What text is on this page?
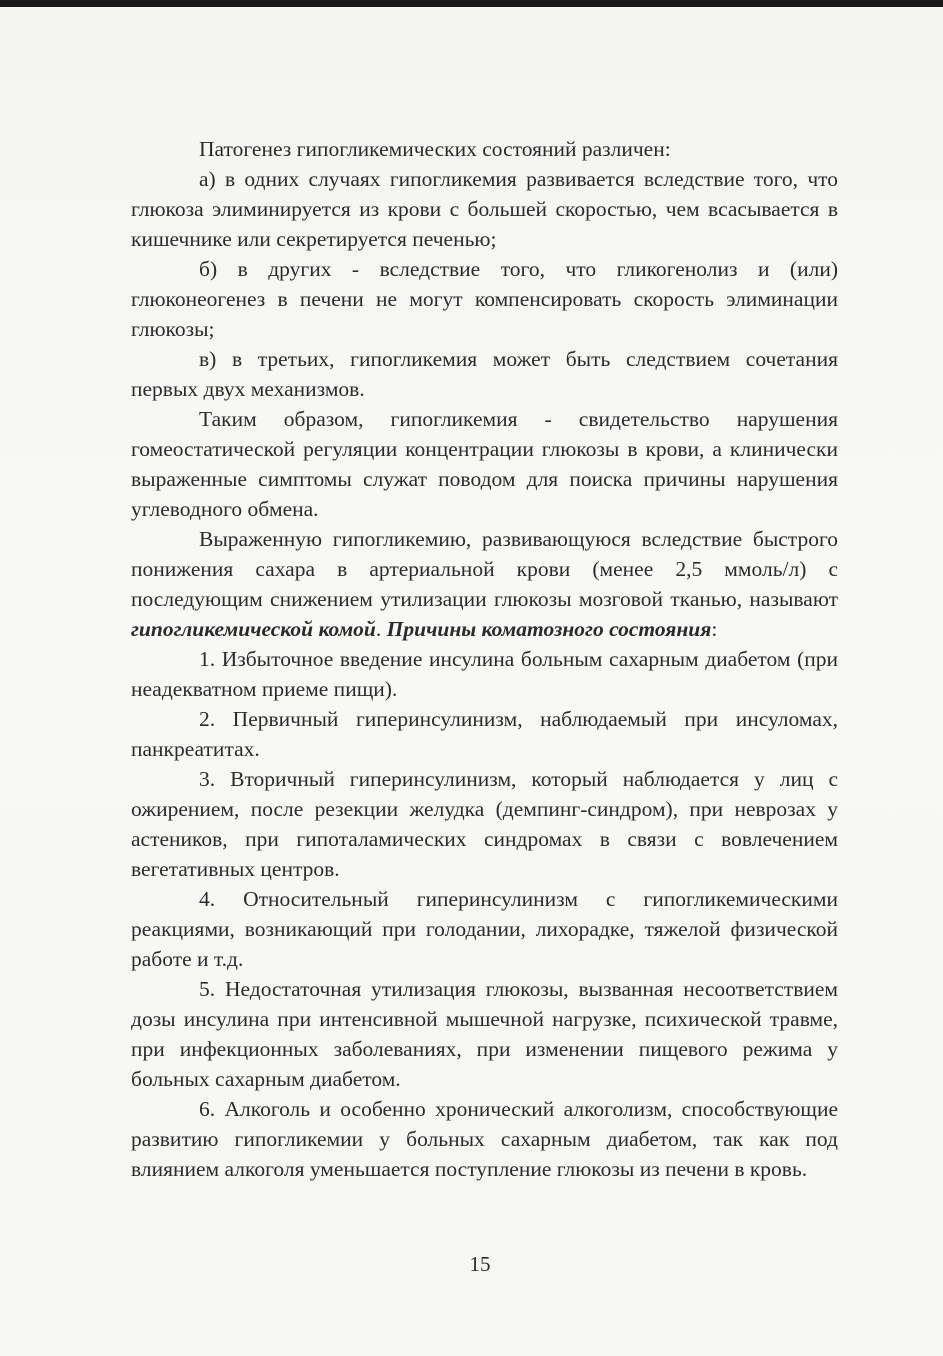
Патогенез гипогликемических состояний различен:

а) в одних случаях гипогликемия развивается вследствие того, что глюкоза элиминируется из крови с большей скоростью, чем всасывается в кишечнике или секретируется печенью;

б) в других - вследствие того, что гликогенолиз и (или) глюконеогенез в печени не могут компенсировать скорость элиминации глюкозы;

в) в третьих, гипогликемия может быть следствием сочетания первых двух механизмов.

Таким образом, гипогликемия - свидетельство нарушения гомеостатической регуляции концентрации глюкозы в крови, а клинически выраженные симптомы служат поводом для поиска причины нарушения углеводного обмена.

Выраженную гипогликемию, развивающуюся вследствие быстрого понижения сахара в артериальной крови (менее 2,5 ммоль/л) с последующим снижением утилизации глюкозы мозговой тканью, называют гипогликемической комой. Причины коматозного состояния:

1. Избыточное введение инсулина больным сахарным диабетом (при неадекватном приеме пищи).

2. Первичный гиперинсулинизм, наблюдаемый при инсуломах, панкреатитах.

3. Вторичный гиперинсулинизм, который наблюдается у лиц с ожирением, после резекции желудка (демпинг-синдром), при неврозах у астеников, при гипоталамических синдромах в связи с вовлечением вегетативных центров.

4. Относительный гиперинсулинизм с гипогликемическими реакциями, возникающий при голодании, лихорадке, тяжелой физической работе и т.д.

5. Недостаточная утилизация глюкозы, вызванная несоответствием дозы инсулина при интенсивной мышечной нагрузке, психической травме, при инфекционных заболеваниях, при изменении пищевого режима у больных сахарным диабетом.

6. Алкоголь и особенно хронический алкоголизм, способствующие развитию гипогликемии у больных сахарным диабетом, так как под влиянием алкоголя уменьшается поступление глюкозы из печени в кровь.

15
